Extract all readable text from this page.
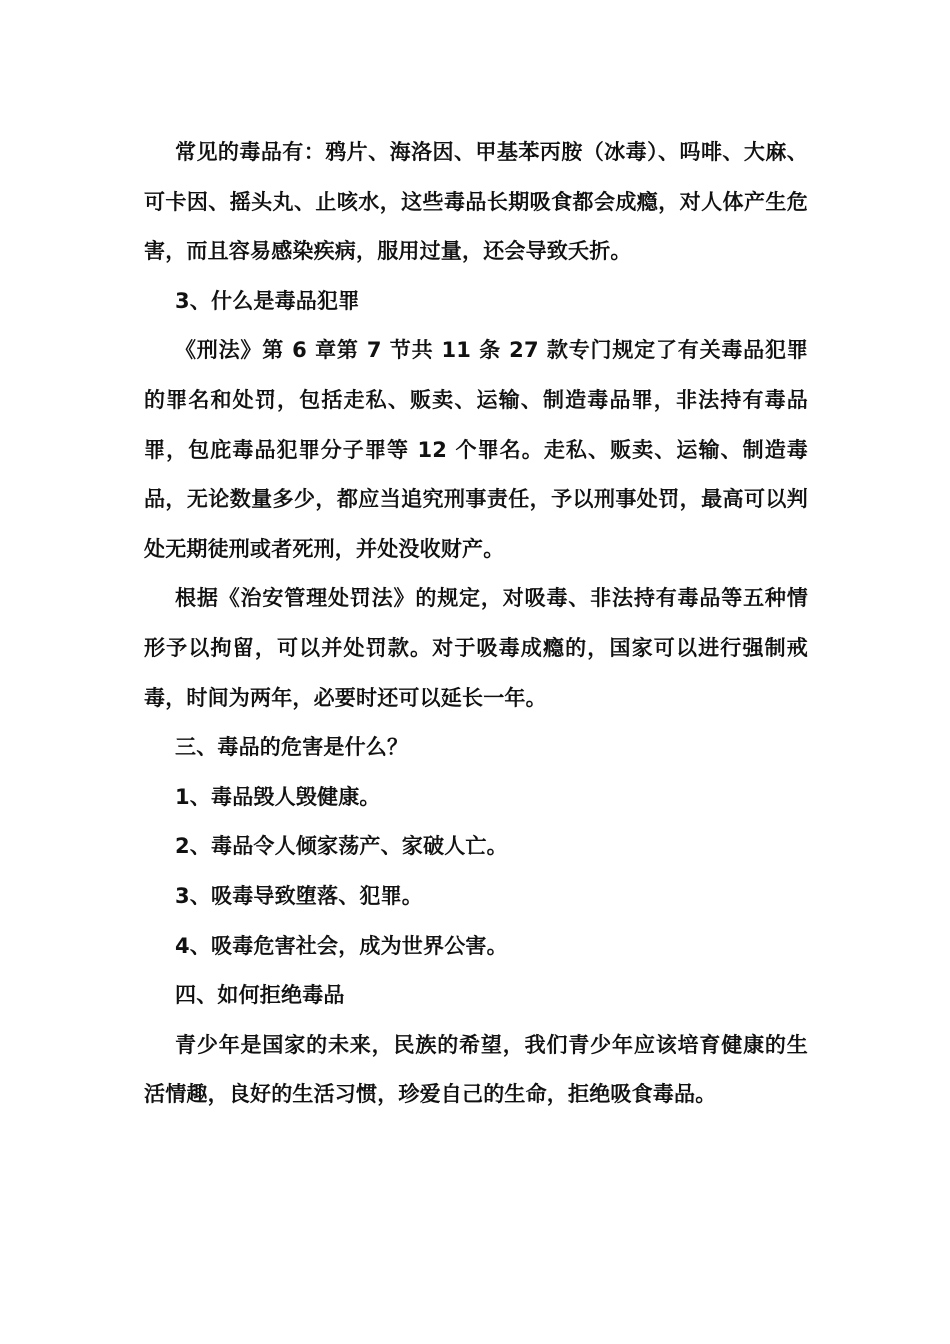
常见的毒品有：鸦片、海洛因、甲基苯丙胺（冰毒）、吗啡、大麻、可卡因、摇头丸、止咳水，这些毒品长期吸食都会成瘾，对人体产生危害，而且容易感染疾病，服用过量，还会导致夭折。

3、什么是毒品犯罪

《刑法》第 6 章第 7 节共 11 条 27 款专门规定了有关毒品犯罪的罪名和处罚，包括走私、贩卖、运输、制造毒品罪，非法持有毒品罪，包庇毒品犯罪分子罪等 12 个罪名。走私、贩卖、运输、制造毒品，无论数量多少，都应当追究刑事责任，予以刑事处罚，最高可以判处无期徒刑或者死刑，并处没收财产。

根据《治安管理处罚法》的规定，对吸毒、非法持有毒品等五种情形予以拘留，可以并处罚款。对于吸毒成瘾的，国家可以进行强制戒毒，时间为两年，必要时还可以延长一年。

三、毒品的危害是什么？

1、毒品毁人毁健康。

2、毒品令人倾家荡产、家破人亡。

3、吸毒导致堕落、犯罪。

4、吸毒危害社会，成为世界公害。

四、如何拒绝毒品

青少年是国家的未来，民族的希望，我们青少年应该培育健康的生活情趣，良好的生活习惯，珍爱自己的生命，拒绝吸食毒品。
